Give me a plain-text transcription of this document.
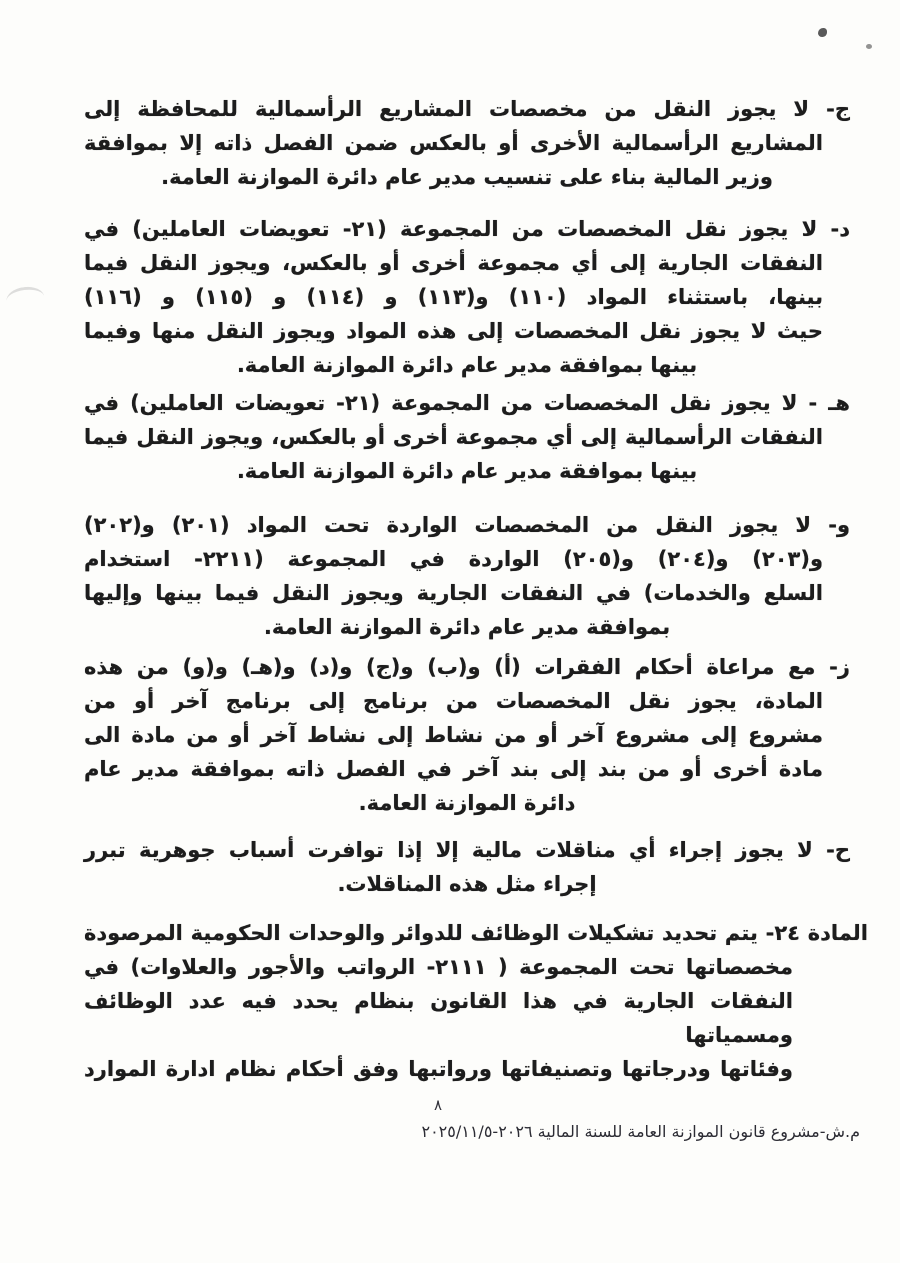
ج- لا يجوز النقل من مخصصات المشاريع الرأسمالية للمحافظة إلى
المشاريع الرأسمالية الأخرى أو بالعكس ضمن الفصل ذاته إلا بموافقة
وزير المالية بناء على تنسيب مدير عام دائرة الموازنة العامة.
د- لا يجوز نقل المخصصات من المجموعة (٢١- تعويضات العاملين) في
النفقات الجارية إلى أي مجموعة أخرى أو بالعكس، ويجوز النقل فيما
بينها، باستثناء المواد (١١٠) و(١١٣) و (١١٤) و (١١٥) و (١١٦)
حيث لا يجوز نقل المخصصات إلى هذه المواد ويجوز النقل منها وفيما
بينها بموافقة مدير عام دائرة الموازنة العامة.
هـ - لا يجوز نقل المخصصات من المجموعة (٢١- تعويضات العاملين) في
النفقات الرأسمالية إلى أي مجموعة أخرى أو بالعكس، ويجوز النقل فيما
بينها بموافقة مدير عام دائرة الموازنة العامة.
و- لا يجوز النقل من المخصصات الواردة تحت المواد (٢٠١) و(٢٠٢)
و(٢٠٣) و(٢٠٤) و(٢٠٥) الواردة في المجموعة (٢٢١١- استخدام
السلع والخدمات) في النفقات الجارية ويجوز النقل فيما بينها وإليها
بموافقة مدير عام دائرة الموازنة العامة.
ز- مع مراعاة أحكام الفقرات (أ) و(ب) و(ج) و(د) و(هـ) و(و) من هذه
المادة، يجوز نقل المخصصات من برنامج إلى برنامج آخر أو من
مشروع إلى مشروع آخر أو من نشاط إلى نشاط آخر أو من مادة الى
مادة أخرى أو من بند إلى بند آخر في الفصل ذاته بموافقة مدير عام
دائرة الموازنة العامة.
ح- لا يجوز إجراء أي مناقلات مالية إلا إذا توافرت أسباب جوهرية تبرر
إجراء مثل هذه المناقلات.
المادة ٢٤- يتم تحديد تشكيلات الوظائف للدوائر والوحدات الحكومية المرصودة
مخصصاتها تحت المجموعة ( ٢١١١- الرواتب والأجور والعلاوات) في
النفقات الجارية في هذا القانون بنظام يحدد فيه عدد الوظائف ومسمياتها
وفئاتها ودرجاتها وتصنيفاتها ورواتبها وفق أحكام نظام ادارة الموارد
٨
م.ش-مشروع قانون الموازنة العامة للسنة المالية ٢٠٢٦-٢٠٢٥/١١/٥
